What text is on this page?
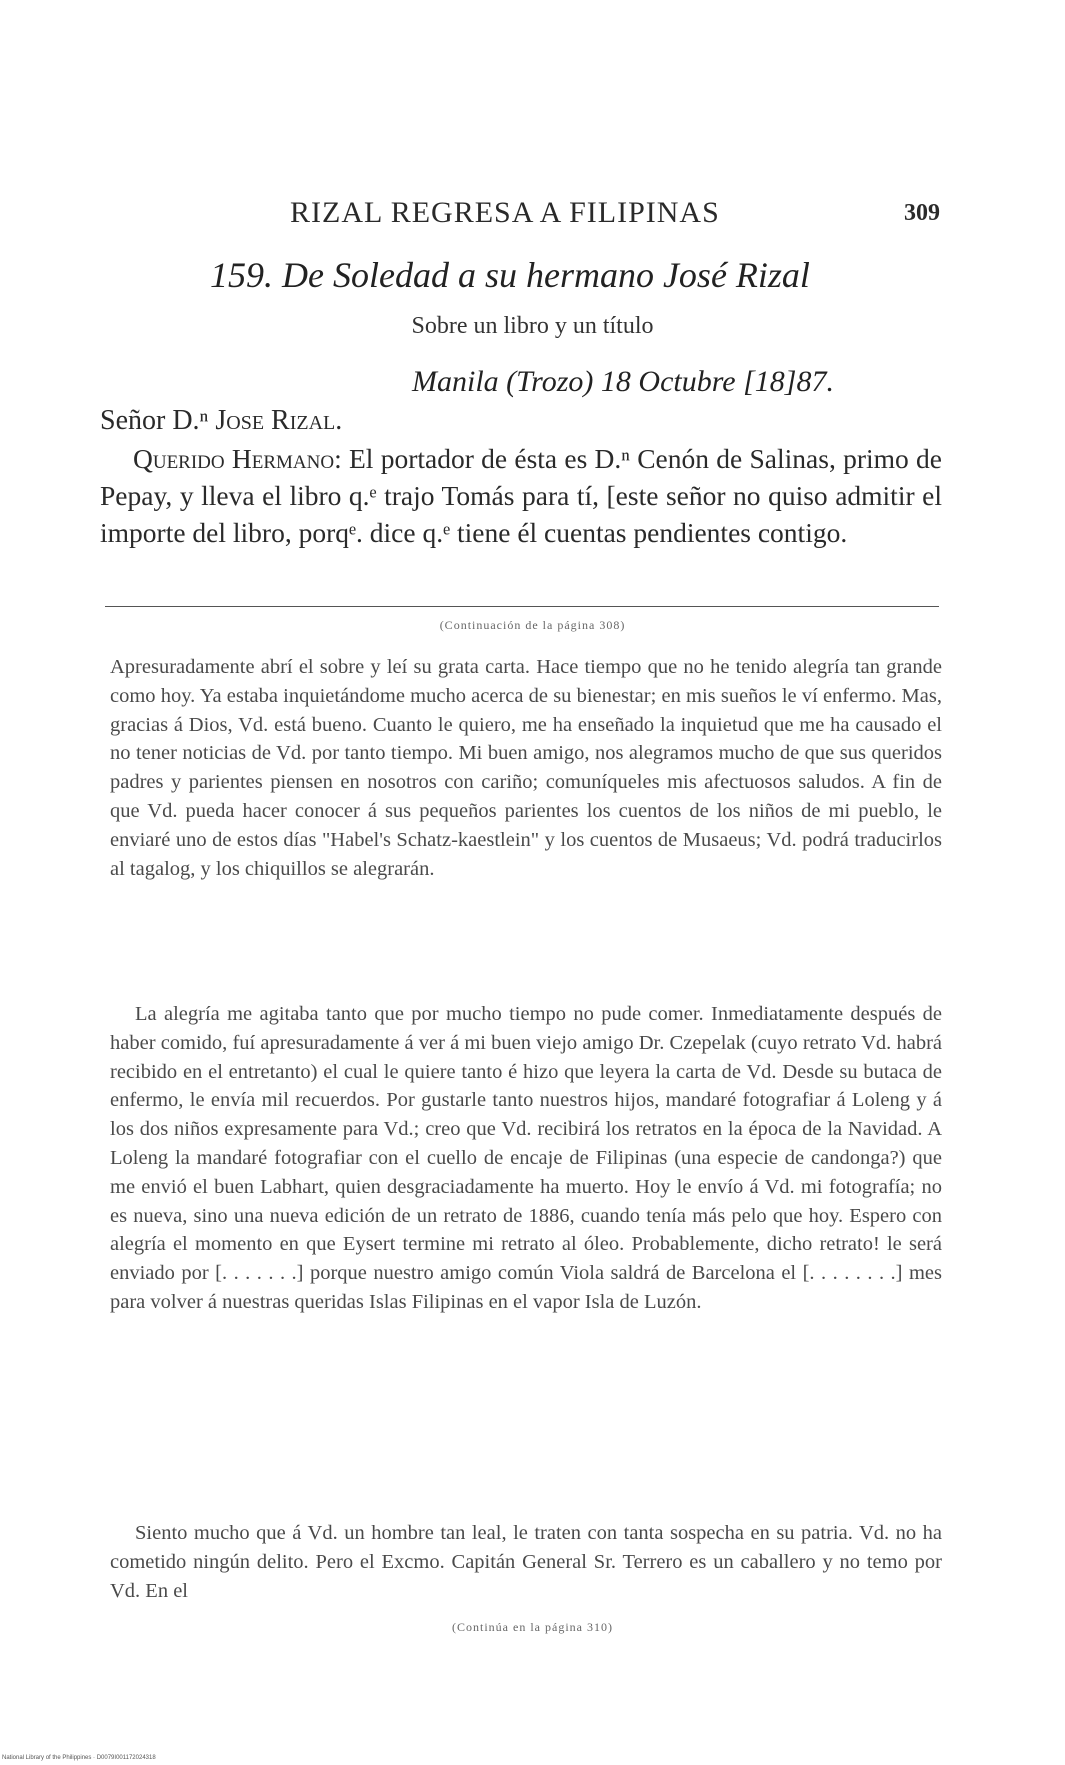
RIZAL REGRESA A FILIPINAS	309
159. De Soledad a su hermano José Rizal
Sobre un libro y un título
Manila (Trozo) 18 Octubre [18]87.
Señor D.ⁿ Jose Rizal.

Querido Hermano: El portador de ésta es D.ⁿ Cenón de Salinas, primo de Pepay, y lleva el libro q.ᵉ trajo Tomás para tí, [este señor no quiso admitir el importe del libro, porqᵉ. dice q.ᵉ tiene él cuentas pendientes contigo.

(Continuación de la página 308)

Apresuradamente abrí el sobre y leí su grata carta. Hace tiempo que no he tenido alegría tan grande como hoy. Ya estaba inquietándome mucho acerca de su bienestar; en mis sueños le ví enfermo. Mas, gracias á Dios, Vd. está bueno. Cuanto le quiero, me ha enseñado la inquietud que me ha causado el no tener noticias de Vd. por tanto tiempo. Mi buen amigo, nos alegramos mucho de que sus queridos padres y parientes piensen en nosotros con cariño; comuníqueles mis afectuosos saludos. A fin de que Vd. pueda hacer conocer á sus pequeños parientes los cuentos de los niños de mi pueblo, le enviaré uno de estos días "Habel's Schatz-kaestlein" y los cuentos de Musaeus; Vd. podrá traducirlos al tagalog, y los chiquillos se alegrarán.

La alegría me agitaba tanto que por mucho tiempo no pude comer. Inmediatamente después de haber comido, fuí apresuradamente á ver á mi buen viejo amigo Dr. Czepelak (cuyo retrato Vd. habrá recibido en el entretanto) el cual le quiere tanto é hizo que leyera la carta de Vd. Desde su butaca de enfermo, le envía mil recuerdos. Por gustarle tanto nuestros hijos, mandaré fotografiar á Loleng y á los dos niños expresamente para Vd.; creo que Vd. recibirá los retratos en la época de la Navidad. A Loleng la mandaré fotografiar con el cuello de encaje de Filipinas (una especie de candonga?) que me envió el buen Labhart, quien desgraciadamente ha muerto. Hoy le envío á Vd. mi fotografía; no es nueva, sino una nueva edición de un retrato de 1886, cuando tenía más pelo que hoy. Espero con alegría el momento en que Eysert termine mi retrato al óleo. Probablemente, dicho retrato! le será enviado por [. . . . . . .] porque nuestro amigo común Viola saldrá de Barcelona el [. . . . . . . .] mes para volver á nuestras queridas Islas Filipinas en el vapor Isla de Luzón.

Siento mucho que á Vd. un hombre tan leal, le traten con tanta sospecha en su patria. Vd. no ha cometido ningún delito. Pero el Excmo. Capitán General Sr. Terrero es un caballero y no temo por Vd. En el

(Continúa en la página 310)
National Library of the Philippines · D0079I001172024318
